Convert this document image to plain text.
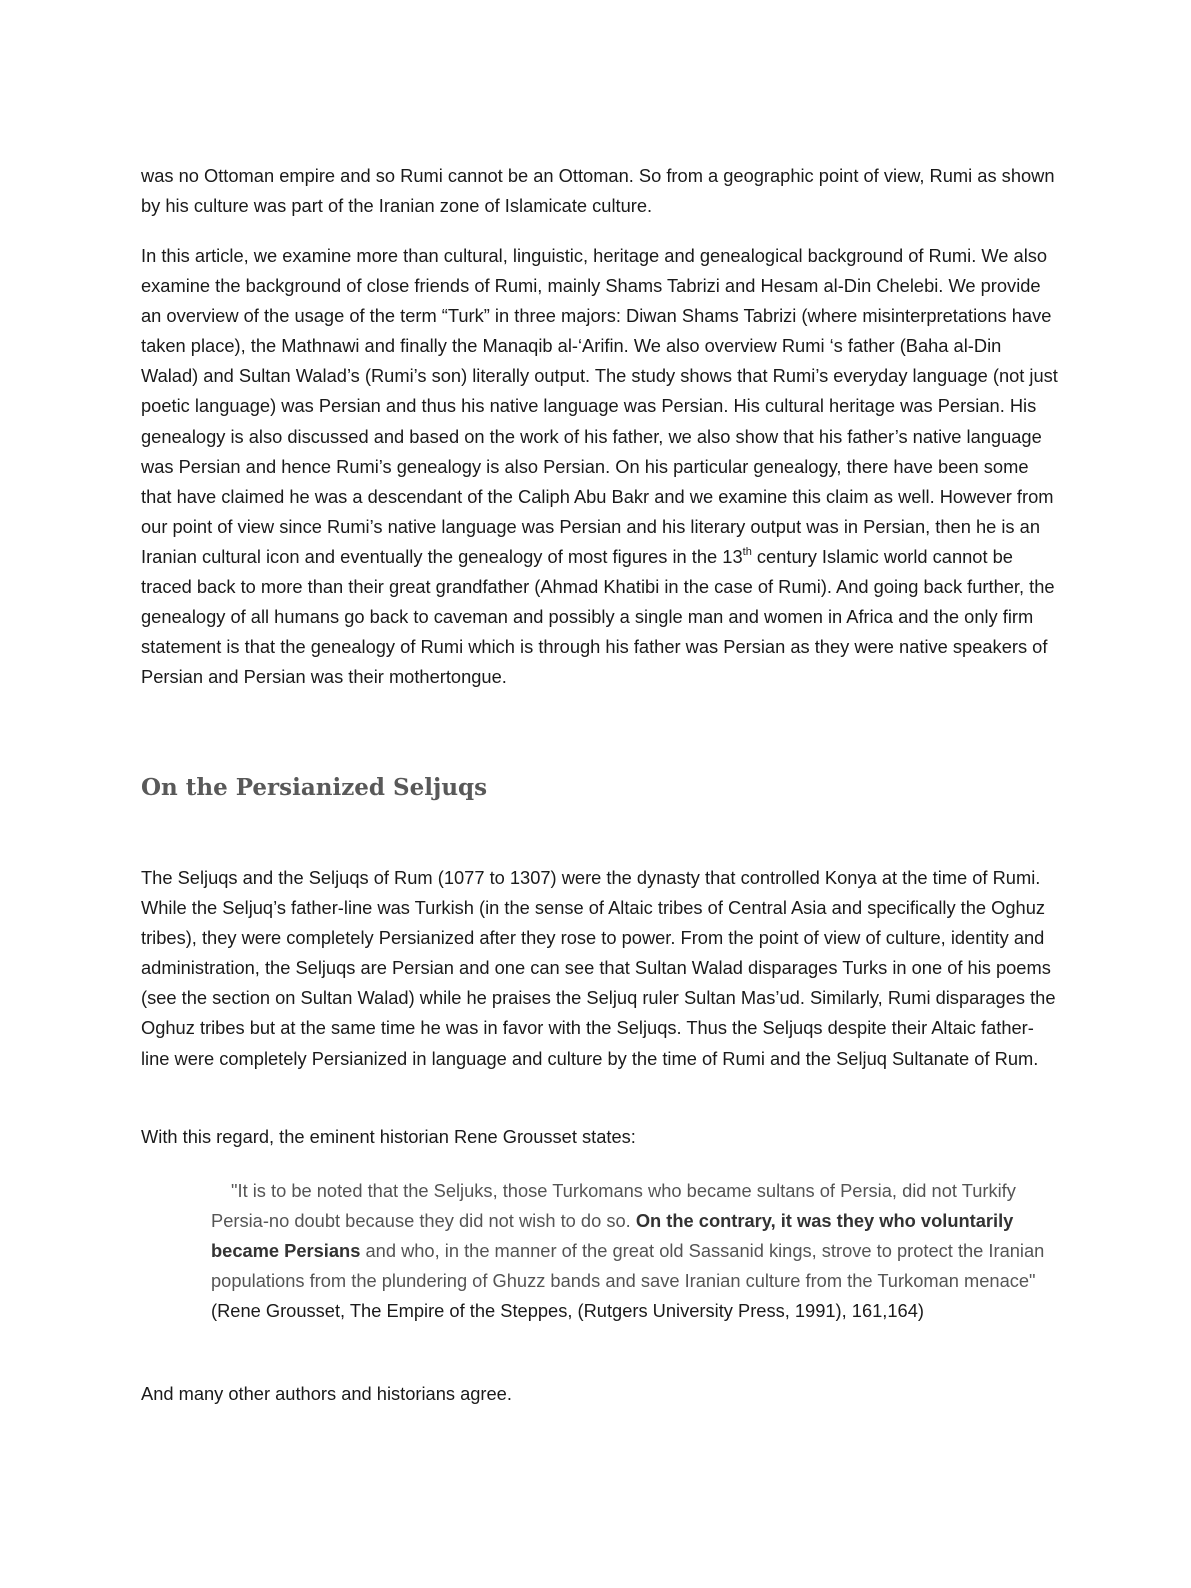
was no Ottoman empire and so Rumi cannot be an Ottoman. So from a geographic point of view, Rumi as shown by his culture was part of the Iranian zone of Islamicate culture.

In this article, we examine more than cultural, linguistic, heritage and genealogical background of Rumi. We also examine the background of close friends of Rumi, mainly Shams Tabrizi and Hesam al-Din Chelebi. We provide an overview of the usage of the term “Turk” in three majors: Diwan Shams Tabrizi (where misinterpretations have taken place), the Mathnawi and finally the Manaqib al-‘Arifin. We also overview Rumi ‘s father (Baha al-Din Walad) and Sultan Walad’s (Rumi’s son) literally output. The study shows that Rumi’s everyday language (not just poetic language) was Persian and thus his native language was Persian. His cultural heritage was Persian. His genealogy is also discussed and based on the work of his father, we also show that his father’s native language was Persian and hence Rumi’s genealogy is also Persian. On his particular genealogy, there have been some that have claimed he was a descendant of the Caliph Abu Bakr and we examine this claim as well. However from our point of view since Rumi’s native language was Persian and his literary output was in Persian, then he is an Iranian cultural icon and eventually the genealogy of most figures in the 13th century Islamic world cannot be traced back to more than their great grandfather (Ahmad Khatibi in the case of Rumi). And going back further, the genealogy of all humans go back to caveman and possibly a single man and women in Africa and the only firm statement is that the genealogy of Rumi which is through his father was Persian as they were native speakers of Persian and Persian was their mothertongue.

On the Persianized Seljuqs

The Seljuqs and the Seljuqs of Rum (1077 to 1307) were the dynasty that controlled Konya at the time of Rumi. While the Seljuq’s father-line was Turkish (in the sense of Altaic tribes of Central Asia and specifically the Oghuz tribes), they were completely Persianized after they rose to power. From the point of view of culture, identity and administration, the Seljuqs are Persian and one can see that Sultan Walad disparages Turks in one of his poems (see the section on Sultan Walad) while he praises the Seljuq ruler Sultan Mas’ud. Similarly, Rumi disparages the Oghuz tribes but at the same time he was in favor with the Seljuqs. Thus the Seljuqs despite their Altaic father-line were completely Persianized in language and culture by the time of Rumi and the Seljuq Sultanate of Rum.

With this regard, the eminent historian Rene Grousset states:

"It is to be noted that the Seljuks, those Turkomans who became sultans of Persia, did not Turkify Persia-no doubt because they did not wish to do so. On the contrary, it was they who voluntarily became Persians and who, in the manner of the great old Sassanid kings, strove to protect the Iranian populations from the plundering of Ghuzz bands and save Iranian culture from the Turkoman menace"(Rene Grousset, The Empire of the Steppes, (Rutgers University Press, 1991), 161,164)

And many other authors and historians agree.
